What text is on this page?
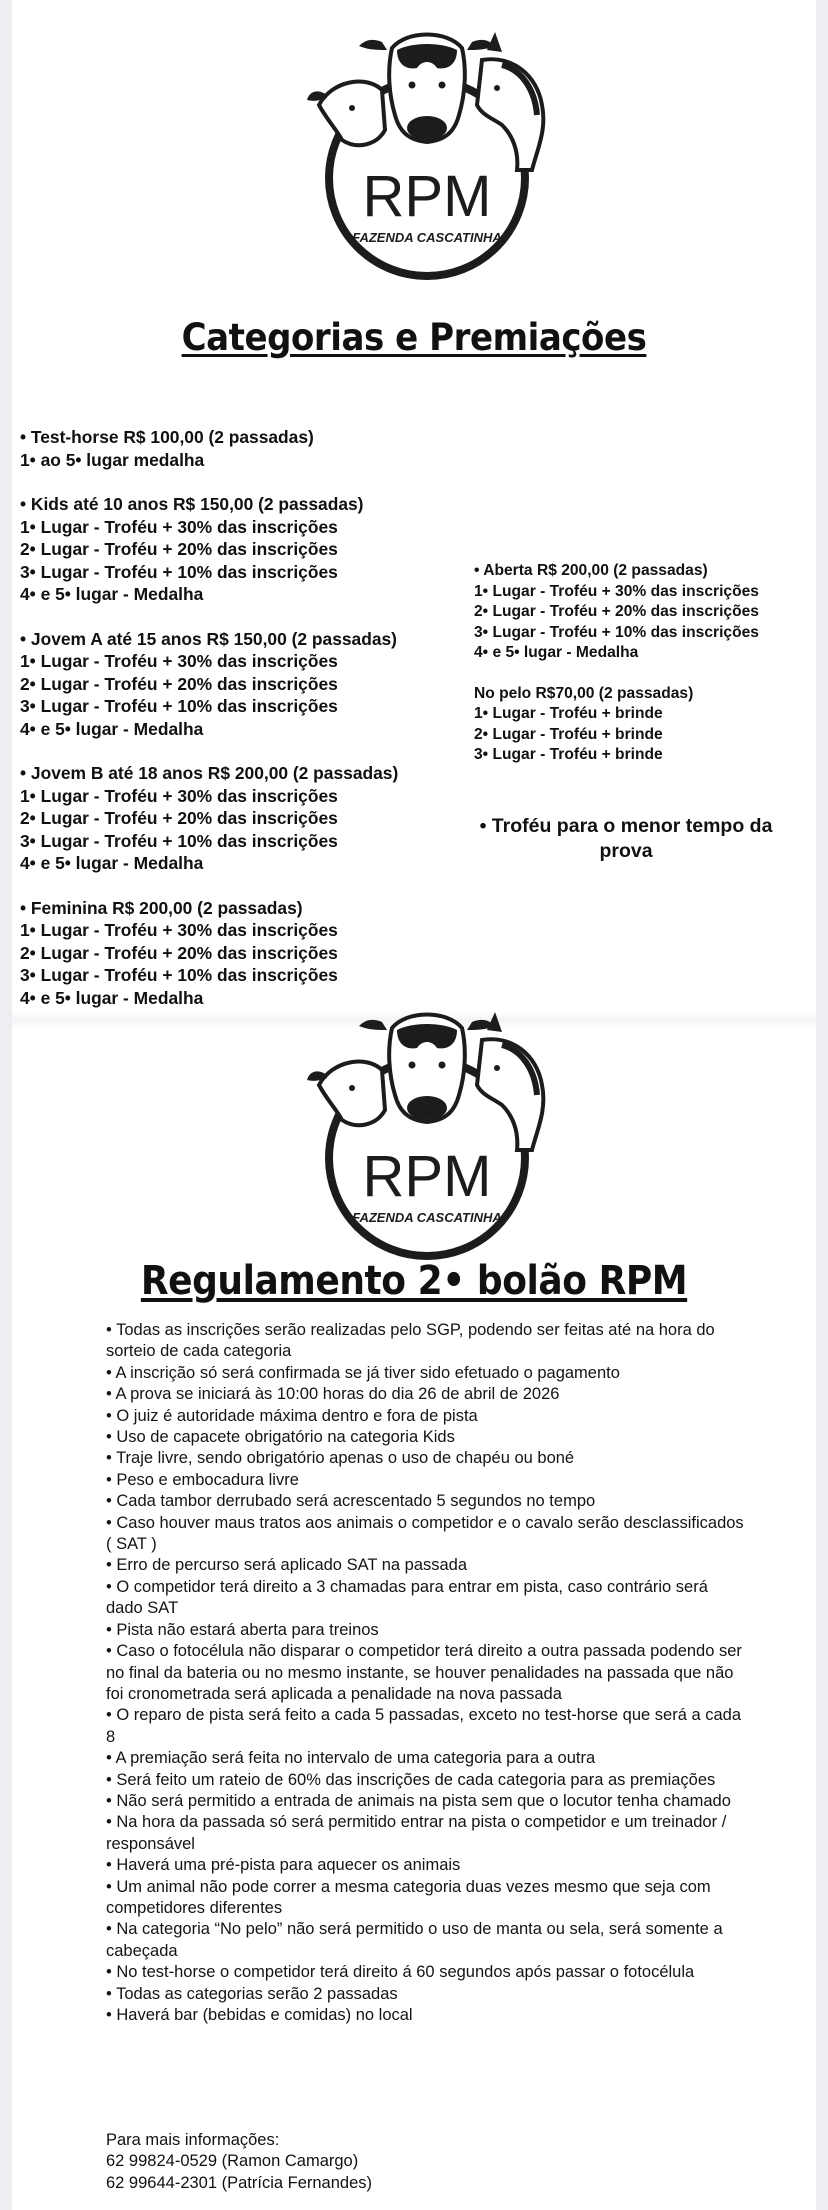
RPM
FAZENDA CASCATINHA
Categorias e Premiações
• Test-horse R$ 100,00 (2 passadas)
1• ao 5• lugar medalha
• Kids até 10 anos R$ 150,00 (2 passadas)
1• Lugar - Troféu + 30% das inscrições
2• Lugar - Troféu + 20% das inscrições
3• Lugar - Troféu + 10% das inscrições
4• e 5• lugar - Medalha
• Jovem A até 15 anos R$ 150,00 (2 passadas)
1• Lugar - Troféu + 30% das inscrições
2• Lugar - Troféu + 20% das inscrições
3• Lugar - Troféu + 10% das inscrições
4• e 5• lugar - Medalha
• Jovem B até 18 anos R$ 200,00 (2 passadas)
1• Lugar - Troféu + 30% das inscrições
2• Lugar - Troféu + 20% das inscrições
3• Lugar - Troféu + 10% das inscrições
4• e 5• lugar - Medalha
• Feminina R$ 200,00 (2 passadas)
1• Lugar - Troféu + 30% das inscrições
2• Lugar - Troféu + 20% das inscrições
3• Lugar - Troféu + 10% das inscrições
4• e 5• lugar - Medalha
• Aberta R$ 200,00 (2 passadas)
1• Lugar - Troféu + 30% das inscrições
2• Lugar - Troféu + 20% das inscrições
3• Lugar - Troféu + 10% das inscrições
4• e 5• lugar - Medalha
No pelo R$70,00 (2 passadas)
1• Lugar - Troféu + brinde
2• Lugar - Troféu + brinde
3• Lugar - Troféu + brinde
• Troféu para o menor tempo da prova
RPM
FAZENDA CASCATINHA
Regulamento 2• bolão RPM
• Todas as inscrições serão realizadas pelo SGP, podendo ser feitas até na hora do sorteio de cada categoria
• A inscrição só será confirmada se já tiver sido efetuado o pagamento
• A prova se iniciará às 10:00 horas do dia 26 de abril de 2026
• O juiz é autoridade máxima dentro e fora de pista
• Uso de capacete obrigatório na categoria Kids
• Traje livre, sendo obrigatório apenas o uso de chapéu ou boné
• Peso e embocadura livre
• Cada tambor derrubado será acrescentado 5 segundos no tempo
• Caso houver maus tratos aos animais o competidor e o cavalo serão desclassificados ( SAT )
• Erro de percurso será aplicado SAT na passada
• O competidor terá direito a 3 chamadas para entrar em pista, caso contrário será dado SAT
• Pista não estará aberta para treinos
• Caso o fotocélula não disparar o competidor terá direito a outra passada podendo ser no final da bateria ou no mesmo instante, se houver penalidades na passada que não foi cronometrada será aplicada a penalidade na nova passada
• O reparo de pista será feito a cada 5 passadas, exceto no test-horse que será a cada 8
• A premiação será feita no intervalo de uma categoria para a outra
• Será feito um rateio de 60% das inscrições de cada categoria para as premiações
• Não será permitido a entrada de animais na pista sem que o locutor tenha chamado
• Na hora da passada só será permitido entrar na pista o competidor e um treinador / responsável
• Haverá uma pré-pista para aquecer os animais
• Um animal não pode correr a mesma categoria duas vezes mesmo que seja com competidores diferentes
• Na categoria “No pelo” não será permitido o uso de manta ou sela, será somente a cabeçada
• No test-horse o competidor terá direito á 60 segundos após passar o fotocélula
• Todas as categorias serão 2 passadas
• Haverá bar (bebidas e comidas) no local
Para mais informações:
62 99824-0529 (Ramon Camargo)
62 99644-2301 (Patrícia Fernandes)
